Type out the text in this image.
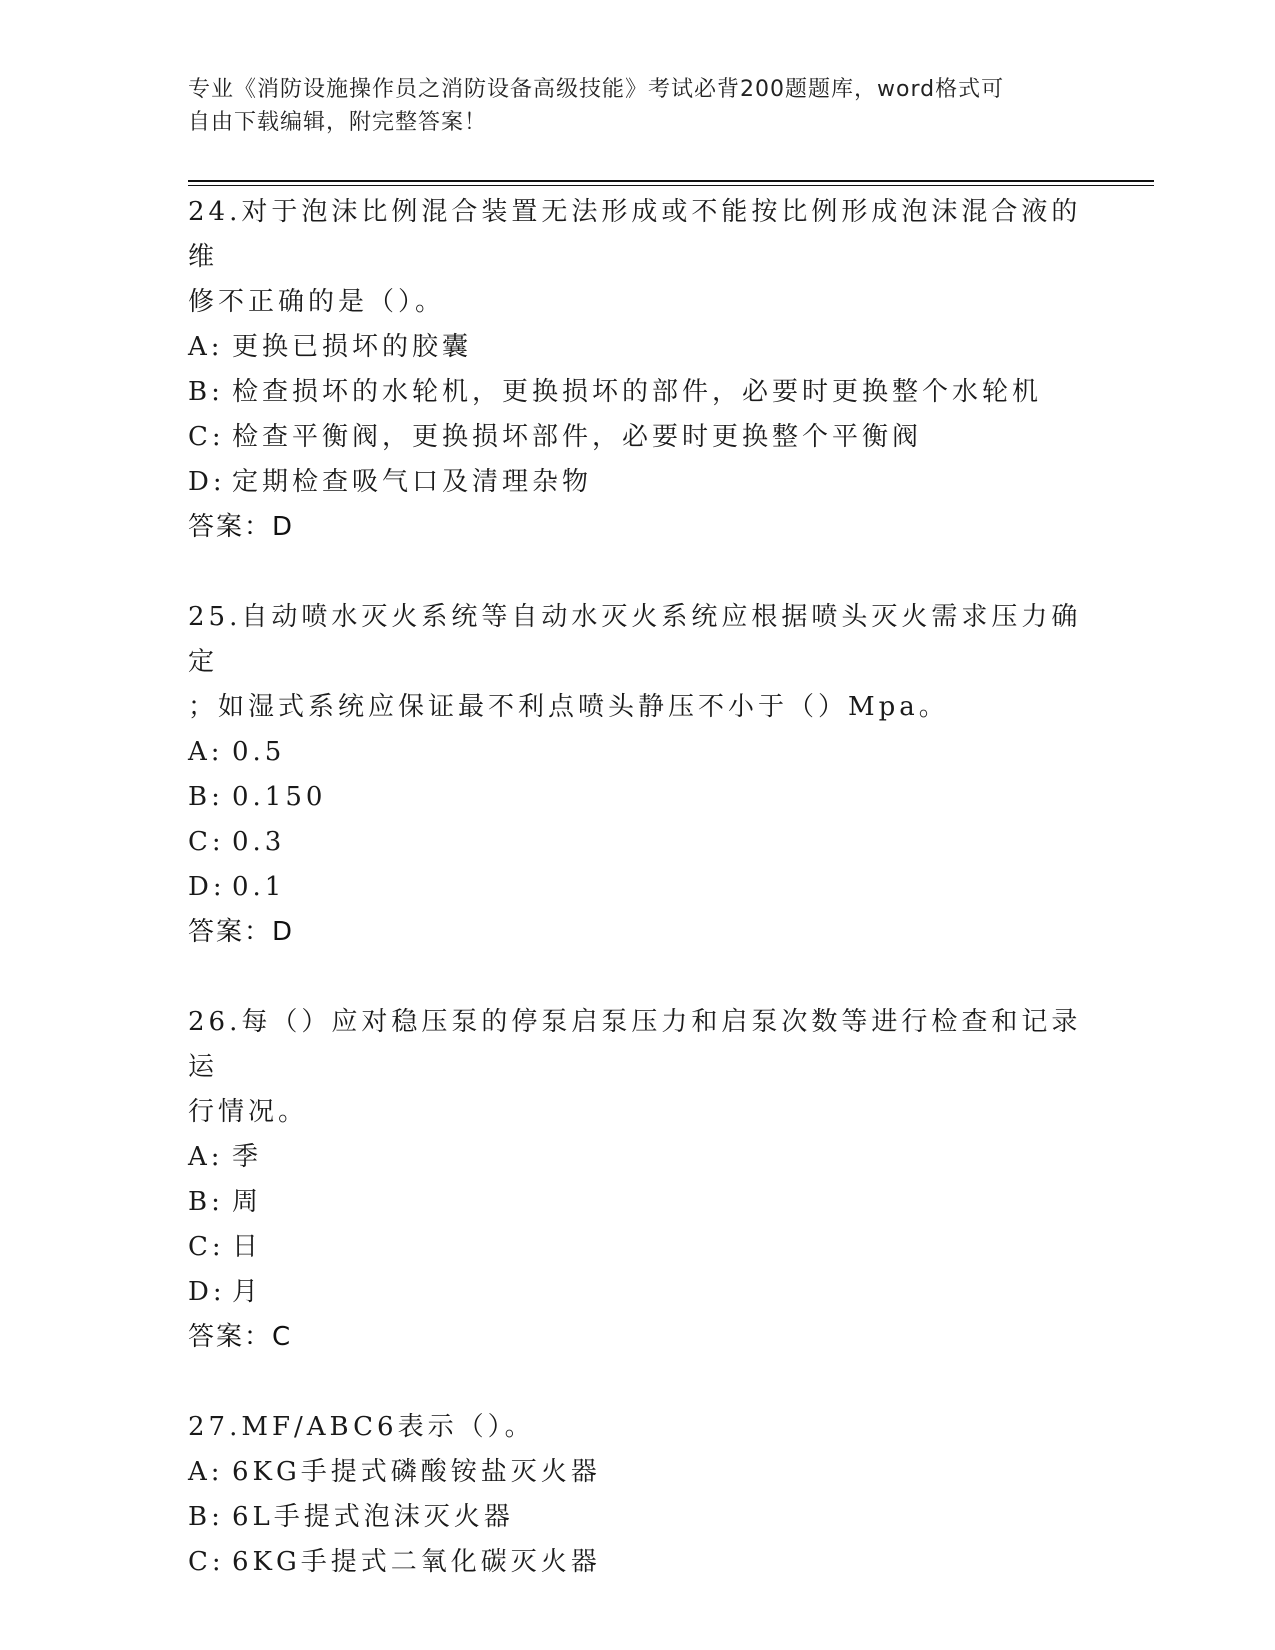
专业《消防设施操作员之消防设备高级技能》考试必背200题题库，word格式可
自由下载编辑，附完整答案！
24.对于泡沫比例混合装置无法形成或不能按比例形成泡沫混合液的维
修不正确的是（）。
A: 更换已损坏的胶囊
B: 检查损坏的水轮机，更换损坏的部件，必要时更换整个水轮机
C: 检查平衡阀，更换损坏部件，必要时更换整个平衡阀
D: 定期检查吸气口及清理杂物
答案：D
25.自动喷水灭火系统等自动水灭火系统应根据喷头灭火需求压力确定
；如湿式系统应保证最不利点喷头静压不小于（）Mpa。
A: 0.5
B: 0.150
C: 0.3
D: 0.1
答案：D
26.每（）应对稳压泵的停泵启泵压力和启泵次数等进行检查和记录运
行情况。
A: 季
B: 周
C: 日
D: 月
答案：C
27.MF/ABC6表示（）。
A: 6KG手提式磷酸铵盐灭火器
B: 6L手提式泡沫灭火器
C: 6KG手提式二氧化碳灭火器
